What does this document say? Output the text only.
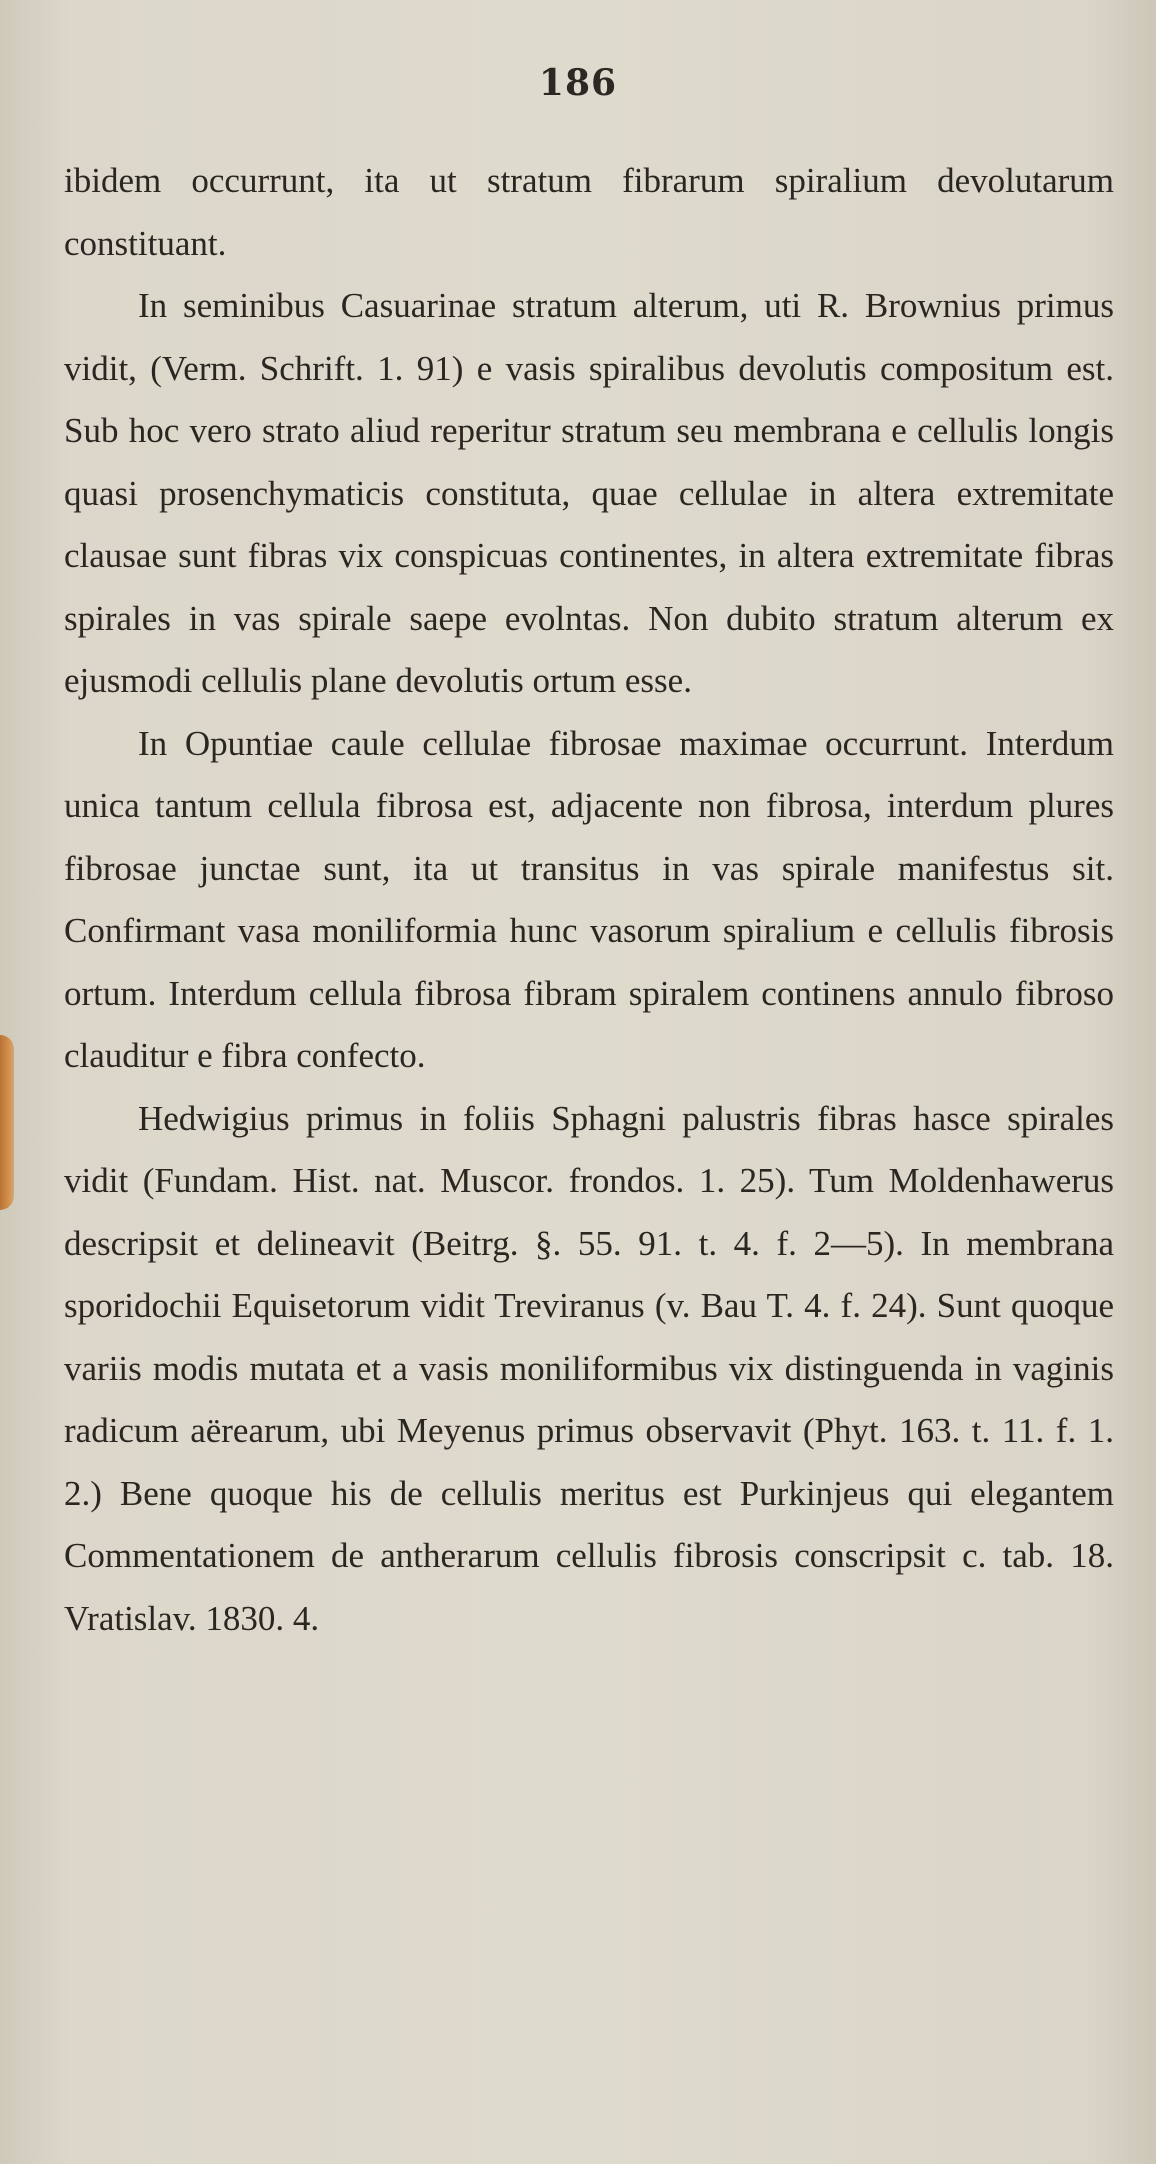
186

ibidem occurrunt, ita ut stratum fibrarum spiralium devolutarum constituant.

In seminibus Casuarinae stratum alterum, uti R. Brownius primus vidit, (Verm. Schrift. 1. 91) e vasis spiralibus devolutis compositum est. Sub hoc vero strato aliud reperitur stratum seu membrana e cellulis longis quasi prosenchymaticis constituta, quae cellulae in altera extremitate clausae sunt fibras vix conspicuas continentes, in altera extremitate fibras spirales in vas spirale saepe evolntas. Non dubito stratum alterum ex ejusmodi cellulis plane devolutis ortum esse.

In Opuntiae caule cellulae fibrosae maximae occurrunt. Interdum unica tantum cellula fibrosa est, adjacente non fibrosa, interdum plures fibrosae junctae sunt, ita ut transitus in vas spirale manifestus sit. Confirmant vasa moniliformia hunc vasorum spiralium e cellulis fibrosis ortum. Interdum cellula fibrosa fibram spiralem continens annulo fibroso clauditur e fibra confecto.

Hedwigius primus in foliis Sphagni palustris fibras hasce spirales vidit (Fundam. Hist. nat. Muscor. frondos. 1. 25). Tum Moldenhawerus descripsit et delineavit (Beitrg. §. 55. 91. t. 4. f. 2—5). In membrana sporidochii Equisetorum vidit Treviranus (v. Bau T. 4. f. 24). Sunt quoque variis modis mutata et a vasis moniliformibus vix distinguenda in vaginis radicum aërearum, ubi Meyenus primus observavit (Phyt. 163. t. 11. f. 1. 2.) Bene quoque his de cellulis meritus est Purkinjeus qui elegantem Commentationem de antherarum cellulis fibrosis conscripsit c. tab. 18. Vratislav. 1830. 4.
